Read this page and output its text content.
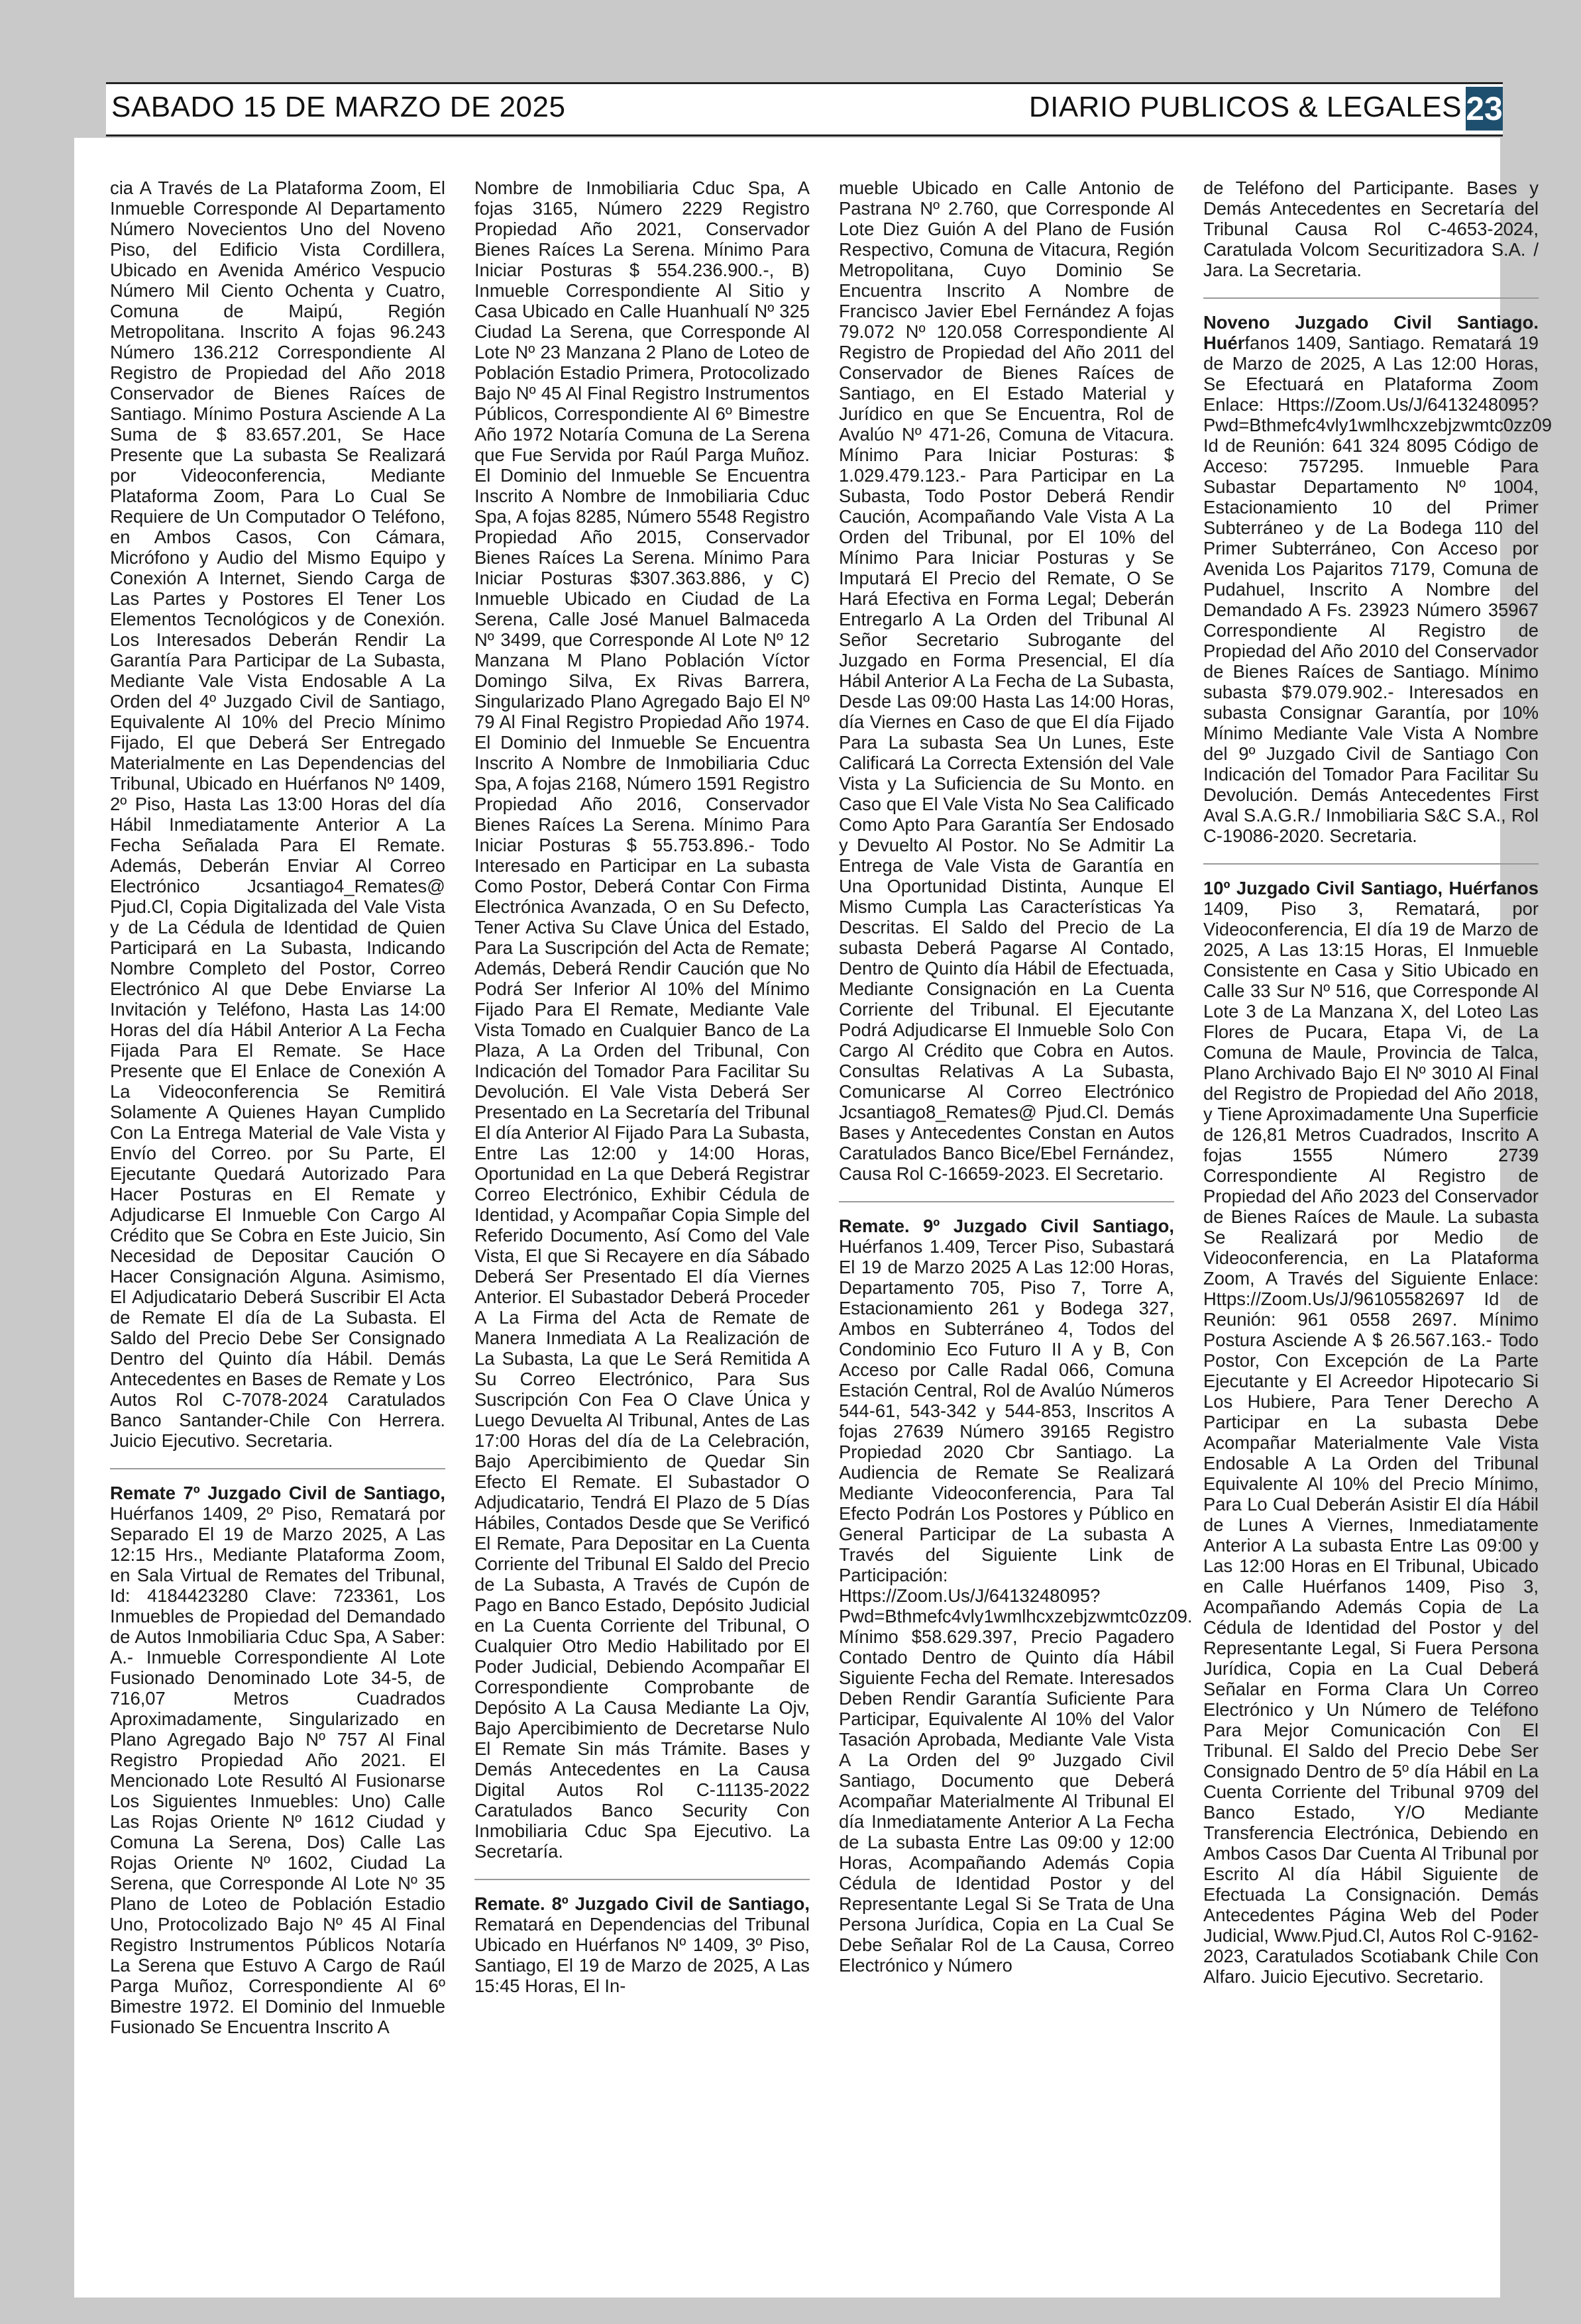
SABADO 15 DE MARZO DE 2025	DIARIO PUBLICOS & LEGALES 23

cia A Través de La Plataforma Zoom, El Inmueble Corresponde Al Departamento Número Novecientos Uno del Noveno Piso, del Edificio Vista Cordillera, Ubicado en Avenida Américo Vespucio Número Mil Ciento Ochenta y Cuatro, Comuna de Maipú, Región Metropolitana. Inscrito A fojas 96.243 Número 136.212 Correspondiente Al Registro de Propiedad del Año 2018 Conservador de Bienes Raíces de Santiago. Mínimo Postura Asciende A La Suma de $ 83.657.201, Se Hace Presente que La subasta Se Realizará por Videoconferencia, Mediante Plataforma Zoom, Para Lo Cual Se Requiere de Un Computador O Teléfono, en Ambos Casos, Con Cámara, Micrófono y Audio del Mismo Equipo y Conexión A Internet, Siendo Carga de Las Partes y Postores El Tener Los Elementos Tecnológicos y de Conexión. Los Interesados Deberán Rendir La Garantía Para Participar de La Subasta, Mediante Vale Vista Endosable A La Orden del 4º Juzgado Civil de Santiago, Equivalente Al 10% del Precio Mínimo Fijado, El que Deberá Ser Entregado Materialmente en Las Dependencias del Tribunal, Ubicado en Huérfanos Nº 1409, 2º Piso, Hasta Las 13:00 Horas del día Hábil Inmediatamente Anterior A La Fecha Señalada Para El Remate. Además, Deberán Enviar Al Correo Electrónico Jcsantiago4_Remates@ Pjud.Cl, Copia Digitalizada del Vale Vista y de La Cédula de Identidad de Quien Participará en La Subasta, Indicando Nombre Completo del Postor, Correo Electrónico Al que Debe Enviarse La Invitación y Teléfono, Hasta Las 14:00 Horas del día Hábil Anterior A La Fecha Fijada Para El Remate. Se Hace Presente que El Enlace de Conexión A La Videoconferencia Se Remitirá Solamente A Quienes Hayan Cumplido Con La Entrega Material de Vale Vista y Envío del Correo. por Su Parte, El Ejecutante Quedará Autorizado Para Hacer Posturas en El Remate y Adjudicarse El Inmueble Con Cargo Al Crédito que Se Cobra en Este Juicio, Sin Necesidad de Depositar Caución O Hacer Consignación Alguna. Asimismo, El Adjudicatario Deberá Suscribir El Acta de Remate El día de La Subasta. El Saldo del Precio Debe Ser Consignado Dentro del Quinto día Hábil. Demás Antecedentes en Bases de Remate y Los Autos Rol C-7078-2024 Caratulados Banco Santander-Chile Con Herrera. Juicio Ejecutivo. Secretaria.

Remate 7º Juzgado Civil de Santiago, Huérfanos 1409, 2º Piso, Rematará por Separado El 19 de Marzo 2025, A Las 12:15 Hrs., Mediante Plataforma Zoom, en Sala Virtual de Remates del Tribunal, Id: 4184423280 Clave: 723361, Los Inmuebles de Propiedad del Demandado de Autos Inmobiliaria Cduc Spa, A Saber: A.- Inmueble Correspondiente Al Lote Fusionado Denominado Lote 34-5, de 716,07 Metros Cuadrados Aproximadamente, Singularizado en Plano Agregado Bajo Nº 757 Al Final Registro Propiedad Año 2021. El Mencionado Lote Resultó Al Fusionarse Los Siguientes Inmuebles: Uno) Calle Las Rojas Oriente Nº 1612 Ciudad y Comuna La Serena, Dos) Calle Las Rojas Oriente Nº 1602, Ciudad La Serena, que Corresponde Al Lote Nº 35 Plano de Loteo de Población Estadio Uno, Protocolizado Bajo Nº 45 Al Final Registro Instrumentos Públicos Notaría La Serena que Estuvo A Cargo de Raúl Parga Muñoz, Correspondiente Al 6º Bimestre 1972. El Dominio del Inmueble Fusionado Se Encuentra Inscrito A

Nombre de Inmobiliaria Cduc Spa, A fojas 3165, Número 2229 Registro Propiedad Año 2021, Conservador Bienes Raíces La Serena. Mínimo Para Iniciar Posturas $ 554.236.900.-, B) Inmueble Correspondiente Al Sitio y Casa Ubicado en Calle Huanhualí Nº 325 Ciudad La Serena, que Corresponde Al Lote Nº 23 Manzana 2 Plano de Loteo de Población Estadio Primera, Protocolizado Bajo Nº 45 Al Final Registro Instrumentos Públicos, Correspondiente Al 6º Bimestre Año 1972 Notaría Comuna de La Serena que Fue Servida por Raúl Parga Muñoz. El Dominio del Inmueble Se Encuentra Inscrito A Nombre de Inmobiliaria Cduc Spa, A fojas 8285, Número 5548 Registro Propiedad Año 2015, Conservador Bienes Raíces La Serena. Mínimo Para Iniciar Posturas $307.363.886, y C) Inmueble Ubicado en Ciudad de La Serena, Calle José Manuel Balmaceda Nº 3499, que Corresponde Al Lote Nº 12 Manzana M Plano Población Víctor Domingo Silva, Ex Rivas Barrera, Singularizado Plano Agregado Bajo El Nº 79 Al Final Registro Propiedad Año 1974. El Dominio del Inmueble Se Encuentra Inscrito A Nombre de Inmobiliaria Cduc Spa, A fojas 2168, Número 1591 Registro Propiedad Año 2016, Conservador Bienes Raíces La Serena. Mínimo Para Iniciar Posturas $ 55.753.896.- Todo Interesado en Participar en La subasta Como Postor, Deberá Contar Con Firma Electrónica Avanzada, O en Su Defecto, Tener Activa Su Clave Única del Estado, Para La Suscripción del Acta de Remate; Además, Deberá Rendir Caución que No Podrá Ser Inferior Al 10% del Mínimo Fijado Para El Remate, Mediante Vale Vista Tomado en Cualquier Banco de La Plaza, A La Orden del Tribunal, Con Indicación del Tomador Para Facilitar Su Devolución. El Vale Vista Deberá Ser Presentado en La Secretaría del Tribunal El día Anterior Al Fijado Para La Subasta, Entre Las 12:00 y 14:00 Horas, Oportunidad en La que Deberá Registrar Correo Electrónico, Exhibir Cédula de Identidad, y Acompañar Copia Simple del Referido Documento, Así Como del Vale Vista, El que Si Recayere en día Sábado Deberá Ser Presentado El día Viernes Anterior. El Subastador Deberá Proceder A La Firma del Acta de Remate de Manera Inmediata A La Realización de La Subasta, La que Le Será Remitida A Su Correo Electrónico, Para Sus Suscripción Con Fea O Clave Única y Luego Devuelta Al Tribunal, Antes de Las 17:00 Horas del día de La Celebración, Bajo Apercibimiento de Quedar Sin Efecto El Remate. El Subastador O Adjudicatario, Tendrá El Plazo de 5 Días Hábiles, Contados Desde que Se Verificó El Remate, Para Depositar en La Cuenta Corriente del Tribunal El Saldo del Precio de La Subasta, A Través de Cupón de Pago en Banco Estado, Depósito Judicial en La Cuenta Corriente del Tribunal, O Cualquier Otro Medio Habilitado por El Poder Judicial, Debiendo Acompañar El Correspondiente Comprobante de Depósito A La Causa Mediante La Ojv, Bajo Apercibimiento de Decretarse Nulo El Remate Sin más Trámite. Bases y Demás Antecedentes en La Causa Digital Autos Rol C-11135-2022 Caratulados Banco Security Con Inmobiliaria Cduc Spa Ejecutivo. La Secretaría.

Remate. 8º Juzgado Civil de Santiago, Rematará en Dependencias del Tribunal Ubicado en Huérfanos Nº 1409, 3º Piso, Santiago, El 19 de Marzo de 2025, A Las 15:45 Horas, El In-

mueble Ubicado en Calle Antonio de Pastrana Nº 2.760, que Corresponde Al Lote Diez Guión A del Plano de Fusión Respectivo, Comuna de Vitacura, Región Metropolitana, Cuyo Dominio Se Encuentra Inscrito A Nombre de Francisco Javier Ebel Fernández A fojas 79.072 Nº 120.058 Correspondiente Al Registro de Propiedad del Año 2011 del Conservador de Bienes Raíces de Santiago, en El Estado Material y Jurídico en que Se Encuentra, Rol de Avalúo Nº 471-26, Comuna de Vitacura. Mínimo Para Iniciar Posturas: $ 1.029.479.123.- Para Participar en La Subasta, Todo Postor Deberá Rendir Caución, Acompañando Vale Vista A La Orden del Tribunal, por El 10% del Mínimo Para Iniciar Posturas y Se Imputará El Precio del Remate, O Se Hará Efectiva en Forma Legal; Deberán Entregarlo A La Orden del Tribunal Al Señor Secretario Subrogante del Juzgado en Forma Presencial, El día Hábil Anterior A La Fecha de La Subasta, Desde Las 09:00 Hasta Las 14:00 Horas, día Viernes en Caso de que El día Fijado Para La subasta Sea Un Lunes, Este Calificará La Correcta Extensión del Vale Vista y La Suficiencia de Su Monto. en Caso que El Vale Vista No Sea Calificado Como Apto Para Garantía Ser Endosado y Devuelto Al Postor. No Se Admitir La Entrega de Vale Vista de Garantía en Una Oportunidad Distinta, Aunque El Mismo Cumpla Las Características Ya Descritas. El Saldo del Precio de La subasta Deberá Pagarse Al Contado, Dentro de Quinto día Hábil de Efectuada, Mediante Consignación en La Cuenta Corriente del Tribunal. El Ejecutante Podrá Adjudicarse El Inmueble Solo Con Cargo Al Crédito que Cobra en Autos. Consultas Relativas A La Subasta, Comunicarse Al Correo Electrónico Jcsantiago8_Remates@ Pjud.Cl. Demás Bases y Antecedentes Constan en Autos Caratulados Banco Bice/Ebel Fernández, Causa Rol C-16659-2023. El Secretario.

Remate. 9º Juzgado Civil Santiago, Huérfanos 1.409, Tercer Piso, Subastará El 19 de Marzo 2025 A Las 12:00 Horas, Departamento 705, Piso 7, Torre A, Estacionamiento 261 y Bodega 327, Ambos en Subterráneo 4, Todos del Condominio Eco Futuro II A y B, Con Acceso por Calle Radal 066, Comuna Estación Central, Rol de Avalúo Números 544-61, 543-342 y 544-853, Inscritos A fojas 27639 Número 39165 Registro Propiedad 2020 Cbr Santiago. La Audiencia de Remate Se Realizará Mediante Videoconferencia, Para Tal Efecto Podrán Los Postores y Público en General Participar de La subasta A Través del Siguiente Link de Participación: Https://Zoom.Us/J/6413248095?Pwd=Bthmefc4vly1wmlhcxzebjzwmtc0zz09. Mínimo $58.629.397, Precio Pagadero Contado Dentro de Quinto día Hábil Siguiente Fecha del Remate. Interesados Deben Rendir Garantía Suficiente Para Participar, Equivalente Al 10% del Valor Tasación Aprobada, Mediante Vale Vista A La Orden del 9º Juzgado Civil Santiago, Documento que Deberá Acompañar Materialmente Al Tribunal El día Inmediatamente Anterior A La Fecha de La subasta Entre Las 09:00 y 12:00 Horas, Acompañando Además Copia Cédula de Identidad Postor y del Representante Legal Si Se Trata de Una Persona Jurídica, Copia en La Cual Se Debe Señalar Rol de La Causa, Correo Electrónico y Número

de Teléfono del Participante. Bases y Demás Antecedentes en Secretaría del Tribunal Causa Rol C-4653-2024, Caratulada Volcom Securitizadora S.A. / Jara. La Secretaria.

Noveno Juzgado Civil Santiago. Huérfanos 1409, Santiago. Rematará 19 de Marzo de 2025, A Las 12:00 Horas, Se Efectuará en Plataforma Zoom Enlace: Https://Zoom.Us/J/6413248095?Pwd=Bthmefc4vly1wmlhcxzebjzwmtc0zz09 Id de Reunión: 641 324 8095 Código de Acceso: 757295. Inmueble Para Subastar Departamento Nº 1004, Estacionamiento 10 del Primer Subterráneo y de La Bodega 110 del Primer Subterráneo, Con Acceso por Avenida Los Pajaritos 7179, Comuna de Pudahuel, Inscrito A Nombre del Demandado A Fs. 23923 Número 35967 Correspondiente Al Registro de Propiedad del Año 2010 del Conservador de Bienes Raíces de Santiago. Mínimo subasta $79.079.902.- Interesados en subasta Consignar Garantía, por 10% Mínimo Mediante Vale Vista A Nombre del 9º Juzgado Civil de Santiago Con Indicación del Tomador Para Facilitar Su Devolución. Demás Antecedentes First Aval S.A.G.R./ Inmobiliaria S&C S.A., Rol C-19086-2020. Secretaria.

10º Juzgado Civil Santiago, Huérfanos 1409, Piso 3, Rematará, por Videoconferencia, El día 19 de Marzo de 2025, A Las 13:15 Horas, El Inmueble Consistente en Casa y Sitio Ubicado en Calle 33 Sur Nº 516, que Corresponde Al Lote 3 de La Manzana X, del Loteo Las Flores de Pucara, Etapa Vi, de La Comuna de Maule, Provincia de Talca, Plano Archivado Bajo El Nº 3010 Al Final del Registro de Propiedad del Año 2018, y Tiene Aproximadamente Una Superficie de 126,81 Metros Cuadrados, Inscrito A fojas 1555 Número 2739 Correspondiente Al Registro de Propiedad del Año 2023 del Conservador de Bienes Raíces de Maule. La subasta Se Realizará por Medio de Videoconferencia, en La Plataforma Zoom, A Través del Siguiente Enlace: Https://Zoom.Us/J/96105582697 Id de Reunión: 961 0558 2697. Mínimo Postura Asciende A $ 26.567.163.- Todo Postor, Con Excepción de La Parte Ejecutante y El Acreedor Hipotecario Si Los Hubiere, Para Tener Derecho A Participar en La subasta Debe Acompañar Materialmente Vale Vista Endosable A La Orden del Tribunal Equivalente Al 10% del Precio Mínimo, Para Lo Cual Deberán Asistir El día Hábil de Lunes A Viernes, Inmediatamente Anterior A La subasta Entre Las 09:00 y Las 12:00 Horas en El Tribunal, Ubicado en Calle Huérfanos 1409, Piso 3, Acompañando Además Copia de La Cédula de Identidad del Postor y del Representante Legal, Si Fuera Persona Jurídica, Copia en La Cual Deberá Señalar en Forma Clara Un Correo Electrónico y Un Número de Teléfono Para Mejor Comunicación Con El Tribunal. El Saldo del Precio Debe Ser Consignado Dentro de 5º día Hábil en La Cuenta Corriente del Tribunal 9709 del Banco Estado, Y/O Mediante Transferencia Electrónica, Debiendo en Ambos Casos Dar Cuenta Al Tribunal por Escrito Al día Hábil Siguiente de Efectuada La Consignación. Demás Antecedentes Página Web del Poder Judicial, Www.Pjud.Cl, Autos Rol C-9162-2023, Caratulados Scotiabank Chile Con Alfaro. Juicio Ejecutivo. Secretario.
